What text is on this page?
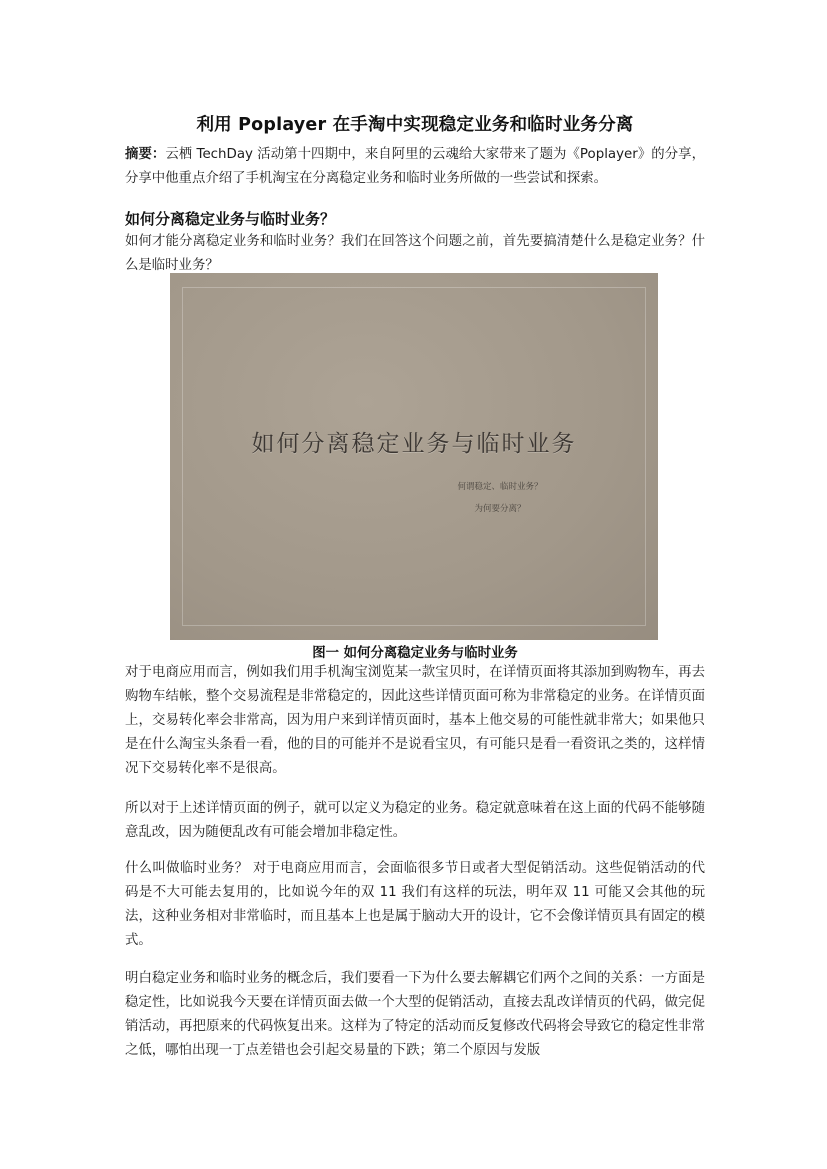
利用 Poplayer 在手淘中实现稳定业务和临时业务分离
摘要：云栖 TechDay 活动第十四期中，来自阿里的云魂给大家带来了题为《Poplayer》的分享，分享中他重点介绍了手机淘宝在分离稳定业务和临时业务所做的一些尝试和探索。
如何分离稳定业务与临时业务？
如何才能分离稳定业务和临时业务？我们在回答这个问题之前，首先要搞清楚什么是稳定业务？什么是临时业务？
图一 如何分离稳定业务与临时业务
对于电商应用而言，例如我们用手机淘宝浏览某一款宝贝时，在详情页面将其添加到购物车，再去购物车结帐，整个交易流程是非常稳定的，因此这些详情页面可称为非常稳定的业务。在详情页面上，交易转化率会非常高，因为用户来到详情页面时，基本上他交易的可能性就非常大；如果他只是在什么淘宝头条看一看，他的目的可能并不是说看宝贝，有可能只是看一看资讯之类的，这样情况下交易转化率不是很高。
所以对于上述详情页面的例子，就可以定义为稳定的业务。稳定就意味着在这上面的代码不能够随意乱改，因为随便乱改有可能会增加非稳定性。
什么叫做临时业务？ 对于电商应用而言，会面临很多节日或者大型促销活动。这些促销活动的代码是不大可能去复用的，比如说今年的双 11 我们有这样的玩法，明年双 11 可能又会其他的玩法，这种业务相对非常临时，而且基本上也是属于脑动大开的设计，它不会像详情页具有固定的模式。
明白稳定业务和临时业务的概念后，我们要看一下为什么要去解耦它们两个之间的关系：一方面是稳定性，比如说我今天要在详情页面去做一个大型的促销活动，直接去乱改详情页的代码，做完促销活动，再把原来的代码恢复出来。这样为了特定的活动而反复修改代码将会导致它的稳定性非常之低，哪怕出现一丁点差错也会引起交易量的下跌；第二个原因与发版
如何分离稳定业务与临时业务
何谓稳定、临时业务？
为何要分离？
